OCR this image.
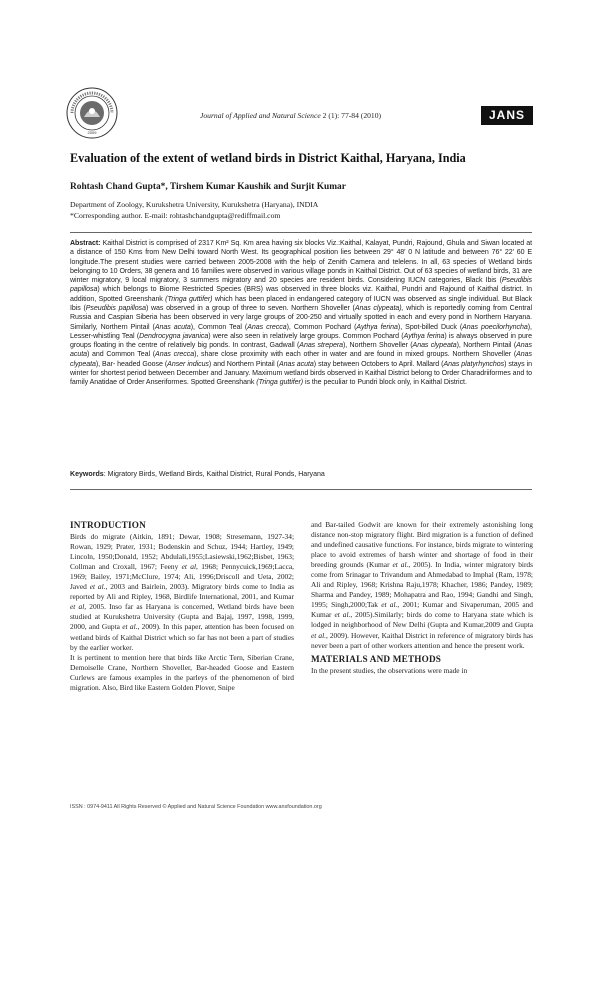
2009
Journal of Applied and Natural Science 2 (1): 77-84 (2010)	JANS
Evaluation of the extent of wetland birds in District Kaithal, Haryana, India
Rohtash Chand Gupta*, Tirshem Kumar Kaushik and Surjit Kumar
Department of Zoology, Kurukshetra University, Kurukshetra (Haryana), INDIA
*Corresponding author. E-mail: rohtashchandgupta@rediffmail.com
Abstract: Kaithal District is comprised of 2317 Km² Sq. Km area having six blocks Viz.:Kaithal, Kalayat, Pundri, Rajound, Ghula and Siwan located at a distance of 150 Kms from New Delhi toward North West. Its geographical position lies between 29° 48′ 0 N latitude and between 76° 22′ 60 E longitude.The present studies were carried between 2005-2008 with the help of Zenith Camera and telelens. In all, 63 species of Wetland birds belonging to 10 Orders, 38 genera and 16 families were observed in various village ponds in Kaithal District. Out of 63 species of wetland birds, 31 are winter migratory, 9 local migratory, 3 summers migratory and 20 species are resident birds. Considering IUCN categories, Black Ibis (Pseudibis papillosa) which belongs to Biome Restricted Species (BRS) was observed in three blocks viz. Kaithal, Pundri and Rajound of Kaithal district. In addition, Spotted Greenshank (Tringa guttifer) which has been placed in endangered category of IUCN was observed as single individual. But Black Ibis (Pseudibis papillosa) was observed in a group of three to seven. Northern Shoveller (Anas clypeata), which is reportedly coming from Central Russia and Caspian Siberia has been observed in very large groups of 200-250 and virtually spotted in each and every pond in Northern Haryana. Similarly, Northern Pintail (Anas acuta), Common Teal (Anas crecca), Common Pochard (Aythya ferina), Spot-billed Duck (Anas poecilorhyncha), Lesser-whistling Teal (Dendrocygna javanica) were also seen in relatively large groups. Common Pochard (Aythya ferina) is always observed in pure groups floating in the centre of relatively big ponds. In contrast, Gadwall (Anas strepera), Northern Shoveller (Anas clypeata), Northern Pintail (Anas acuta) and Common Teal (Anas crecca), share close proximity with each other in water and are found in mixed groups. Northern Shoveller (Anas clypeata), Bar- headed Goose (Anser indicus) and Northern Pintail (Anas acuta) stay between Octobers to April. Mallard (Anas platyrhynchos) stays in winter for shortest period between December and January. Maximum wetland birds observed in Kaithal District belong to Order Charadriiformes and to family Anatidae of Order Anseriformes. Spotted Greenshank (Tringa guttifer) is the peculiar to Pundri block only, in Kaithal District.
Keywords: Migratory Birds, Wetland Birds, Kaithal District, Rural Ponds, Haryana
INTRODUCTION

Birds do migrate (Aitkin, 1891; Dewar, 1908; Stresemann, 1927-34; Rowan, 1929; Prater, 1931; Bodenskin and Schuz, 1944; Hartley, 1949; Lincoln, 1950;Donald, 1952; Abdulali,1955;Lasiewski,1962;Bisbet, 1963; Collman and Croxall, 1967; Feeny et al, 1968; Pennycuick,1969;Lacca, 1969; Bailey, 1971;McClure, 1974; Ali, 1996;Driscoll and Ueta, 2002; Javed et al., 2003 and Bairlein, 2003). Migratory birds come to India as reported by Ali and Ripley, 1968, Birdlife International, 2001, and Kumar et al, 2005. Inso far as Haryana is concerned, Wetland birds have been studied at Kurukshetra University (Gupta and Bajaj, 1997, 1998, 1999, 2000, and Gupta et al., 2009). In this paper, attention has been focused on wetland birds of Kaithal District which so far has not been a part of studies by the earlier worker.

It is pertinent to mention here that birds like Arctic Tern, Siberian Crane, Demoiselle Crane, Northern Shoveller, Bar-headed Goose and Eastern Curlews are famous examples in the parleys of the phenomenon of bird migration. Also, Bird like Eastern Golden Plover, Snipe

and Bar-tailed Godwit are known for their extremely astonishing long distance non-stop migratory flight. Bird migration is a function of defined and undefined causative functions. For instance, birds migrate to wintering place to avoid extremes of harsh winter and shortage of food in their breeding grounds (Kumar et al., 2005). In India, winter migratory birds come from Srinagar to Trivandum and Ahmedabad to Imphal (Ram, 1978; Ali and Ripley, 1968; Krishna Raju,1978; Khacher, 1986; Pandey, 1989; Sharma and Pandey, 1989; Mohapatra and Rao, 1994; Gandhi and Singh, 1995; Singh,2000;Tak et al., 2001; Kumar and Sivaperuman, 2005 and Kumar et al., 2005).Similarly; birds do come to Haryana state which is lodged in neighborhood of New Delhi (Gupta and Kumar,2009 and Gupta et al., 2009). However, Kaithal District in reference of migratory birds has never been a part of other workers attention and hence the present work.

MATERIALS AND METHODS

In the present studies, the observations were made in

ISSN : 0974-9411 All Rights Reserved © Applied and Natural Science Foundation www.ansfoundation.org
